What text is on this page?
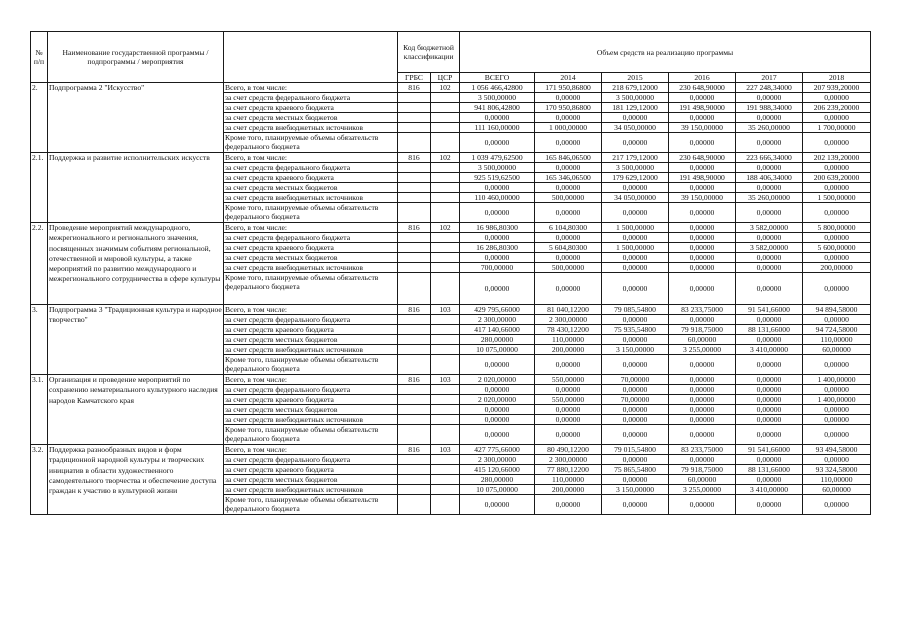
№ п/п	Наименование государственной программы / подпрограммы / мероприятия		Код бюджетной классификации		Объем средств на реализацию программы					
			ГРБС	ЦСР	ВСЕГО	2014	2015	2016	2017	2018
2.	Подпрограмма 2 "Искусство"	Всего, в том числе:	816	102	1 056 466,42800	171 950,86800	218 679,12000	230 648,90000	227 248,34000	207 939,20000
		за счет средств федерального бюджета			3 500,00000	0,00000	3 500,00000	0,00000	0,00000	0,00000
		за счет средств краевого бюджета			941 806,42800	170 950,86800	181 129,12000	191 498,90000	191 988,34000	206 239,20000
		за счет средств местных бюджетов			0,00000	0,00000	0,00000	0,00000	0,00000	0,00000
		за счет средств внебюджетных источников			111 160,00000	1 000,00000	34 050,00000	39 150,00000	35 260,00000	1 700,00000
		Кроме того, планируемые объемы обязательств федерального бюджета			0,00000	0,00000	0,00000	0,00000	0,00000	0,00000
2.1.	Поддержка и развитие исполнительских искусств	Всего, в том числе:	816	102	1 039 479,62500	165 846,06500	217 179,12000	230 648,90000	223 666,34000	202 139,20000
		за счет средств федерального бюджета			3 500,00000	0,00000	3 500,00000	0,00000	0,00000	0,00000
		за счет средств краевого бюджета			925 519,62500	165 346,06500	179 629,12000	191 498,90000	188 406,34000	200 639,20000
		за счет средств местных бюджетов			0,00000	0,00000	0,00000	0,00000	0,00000	0,00000
		за счет средств внебюджетных источников			110 460,00000	500,00000	34 050,00000	39 150,00000	35 260,00000	1 500,00000
		Кроме того, планируемые объемы обязательств федерального бюджета			0,00000	0,00000	0,00000	0,00000	0,00000	0,00000
2.2.	Проведение мероприятий международного, межрегионального и регионального значения, посвященных значимым событиям региональной, отечественной и мировой культуры, а также мероприятий по развитию международного и межрегионального сотрудничества в сфере культуры	Всего, в том числе:	816	102	16 986,80300	6 104,80300	1 500,00000	0,00000	3 582,00000	5 800,00000
		за счет средств федерального бюджета			0,00000	0,00000	0,00000	0,00000	0,00000	0,00000
		за счет средств краевого бюджета			16 286,80300	5 604,80300	1 500,00000	0,00000	3 582,00000	5 600,00000
		за счет средств местных бюджетов			0,00000	0,00000	0,00000	0,00000	0,00000	0,00000
		за счет средств внебюджетных источников			700,00000	500,00000	0,00000	0,00000	0,00000	200,00000
		Кроме того, планируемые объемы обязательств федерального бюджета			0,00000	0,00000	0,00000	0,00000	0,00000	0,00000
3.	Подпрограмма 3 "Традиционная культура и народное творчество"	Всего, в том числе:	816	103	429 795,66000	81 040,12200	79 085,54800	83 233,75000	91 541,66000	94 894,58000
		за счет средств федерального бюджета			2 300,00000	2 300,00000	0,00000	0,00000	0,00000	0,00000
		за счет средств краевого бюджета			417 140,66000	78 430,12200	75 935,54800	79 918,75000	88 131,66000	94 724,58000
		за счет средств местных бюджетов			280,00000	110,00000	0,00000	60,00000	0,00000	110,00000
		за счет средств внебюджетных источников			10 075,00000	200,00000	3 150,00000	3 255,00000	3 410,00000	60,00000
		Кроме того, планируемые объемы обязательств федерального бюджета			0,00000	0,00000	0,00000	0,00000	0,00000	0,00000
3.1.	Организация и проведение мероприятий по сохранению нематериального культурного наследия народов Камчатского края	Всего, в том числе:	816	103	2 020,00000	550,00000	70,00000	0,00000	0,00000	1 400,00000
		за счет средств федерального бюджета			0,00000	0,00000	0,00000	0,00000	0,00000	0,00000
		за счет средств краевого бюджета			2 020,00000	550,00000	70,00000	0,00000	0,00000	1 400,00000
		за счет средств местных бюджетов			0,00000	0,00000	0,00000	0,00000	0,00000	0,00000
		за счет средств внебюджетных источников			0,00000	0,00000	0,00000	0,00000	0,00000	0,00000
		Кроме того, планируемые объемы обязательств федерального бюджета			0,00000	0,00000	0,00000	0,00000	0,00000	0,00000
3.2.	Поддержка разнообразных видов и форм традиционной народной культуры и творческих инициатив в области художественного самодеятельного творчества и обеспечение доступа граждан к участию в культурной жизни	Всего, в том числе:	816	103	427 775,66000	80 490,12200	79 015,54800	83 233,75000	91 541,66000	93 494,58000
		за счет средств федерального бюджета			2 300,00000	2 300,00000	0,00000	0,00000	0,00000	0,00000
		за счет средств краевого бюджета			415 120,66000	77 880,12200	75 865,54800	79 918,75000	88 131,66000	93 324,58000
		за счет средств местных бюджетов			280,00000	110,00000	0,00000	60,00000	0,00000	110,00000
		за счет средств внебюджетных источников			10 075,00000	200,00000	3 150,00000	3 255,00000	3 410,00000	60,00000
		Кроме того, планируемые объемы обязательств федерального бюджета			0,00000	0,00000	0,00000	0,00000	0,00000	0,00000
